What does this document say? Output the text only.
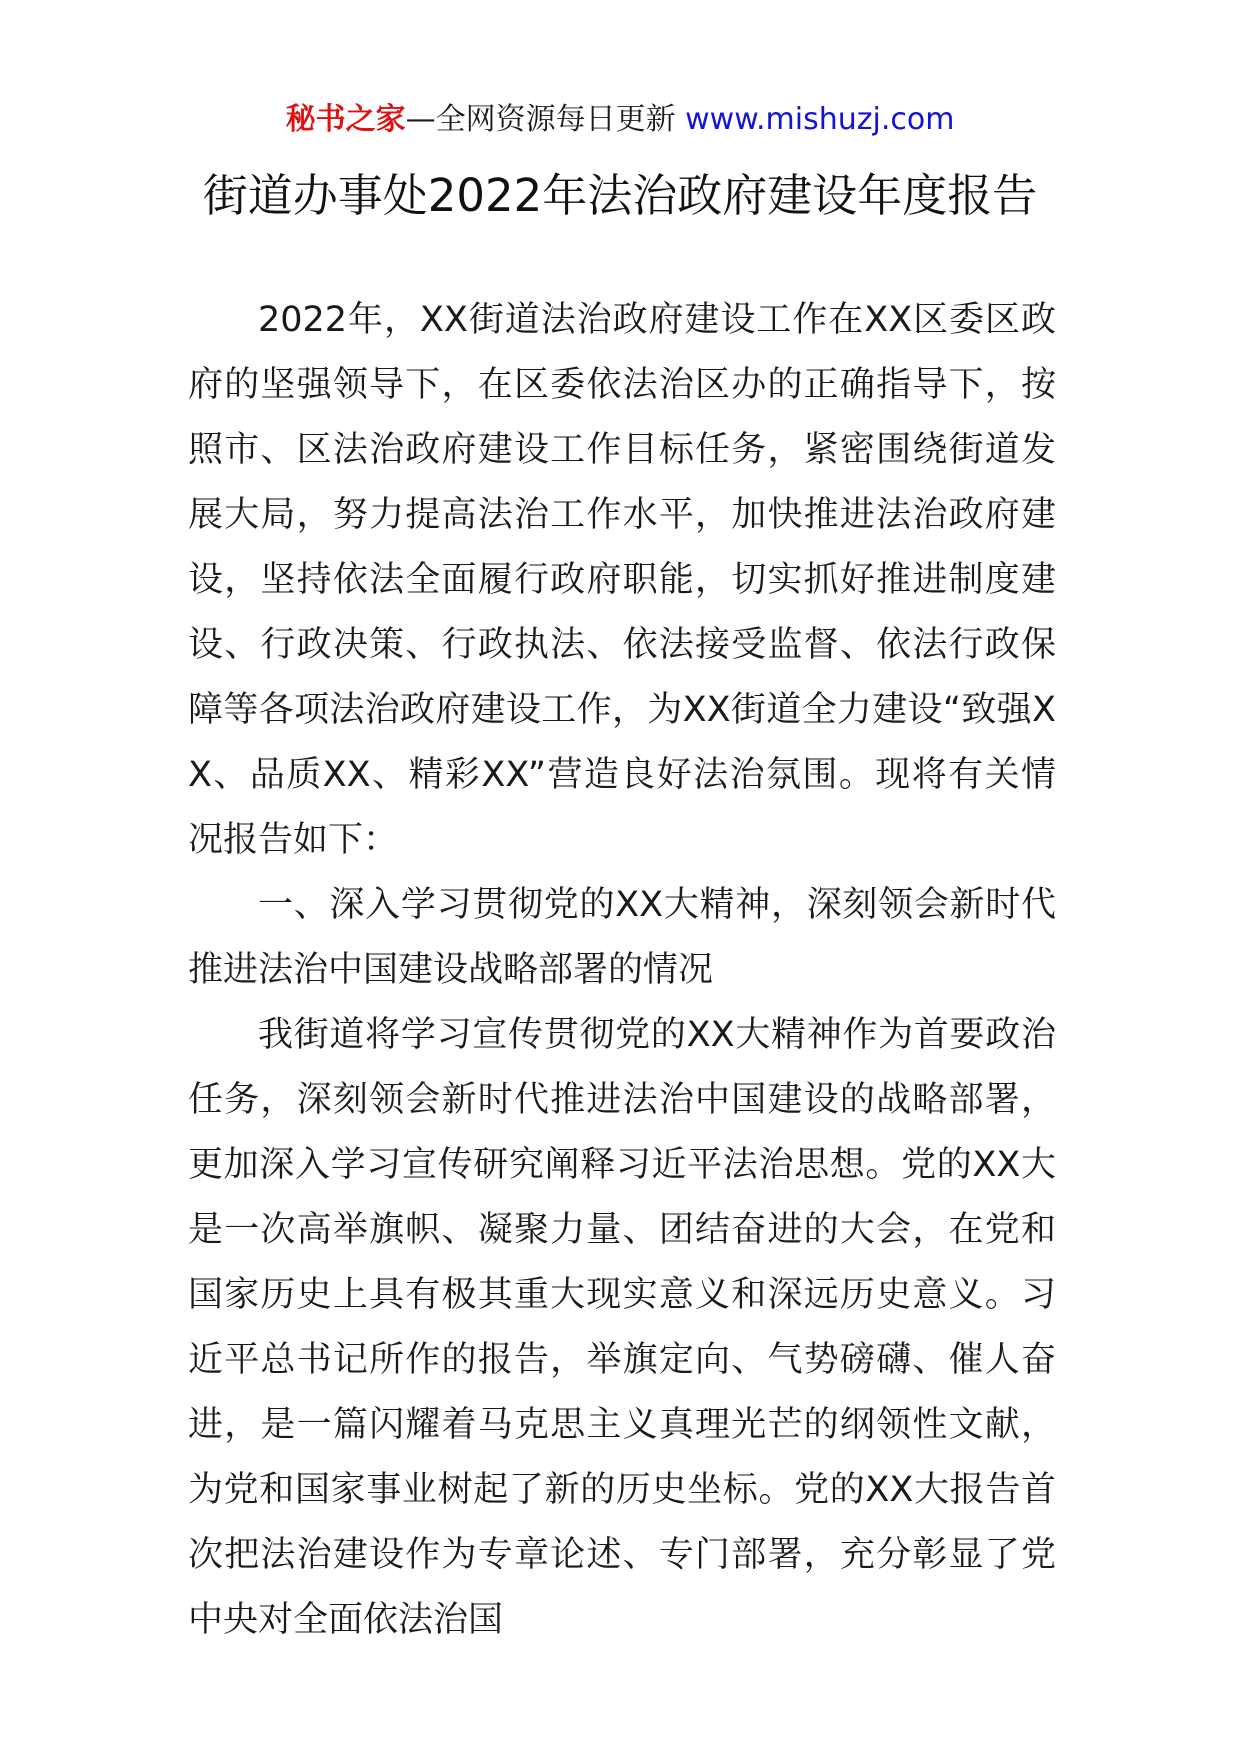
秘书之家—全网资源每日更新 www.mishuzj.com
街道办事处2022年法治政府建设年度报告

2022年，XX街道法治政府建设工作在XX区委区政府的坚强领导下，在区委依法治区办的正确指导下，按照市、区法治政府建设工作目标任务，紧密围绕街道发展大局，努力提高法治工作水平，加快推进法治政府建设，坚持依法全面履行政府职能，切实抓好推进制度建设、行政决策、行政执法、依法接受监督、依法行政保障等各项法治政府建设工作，为XX街道全力建设“致强XX、品质XX、精彩XX”营造良好法治氛围。现将有关情况报告如下：

一、深入学习贯彻党的XX大精神，深刻领会新时代推进法治中国建设战略部署的情况

我街道将学习宣传贯彻党的XX大精神作为首要政治任务，深刻领会新时代推进法治中国建设的战略部署，更加深入学习宣传研究阐释习近平法治思想。党的XX大是一次高举旗帜、凝聚力量、团结奋进的大会，在党和国家历史上具有极其重大现实意义和深远历史意义。习近平总书记所作的报告，举旗定向、气势磅礴、催人奋进，是一篇闪耀着马克思主义真理光芒的纲领性文献，为党和国家事业树起了新的历史坐标。党的XX大报告首次把法治建设作为专章论述、专门部署，充分彰显了党中央对全面依法治国
